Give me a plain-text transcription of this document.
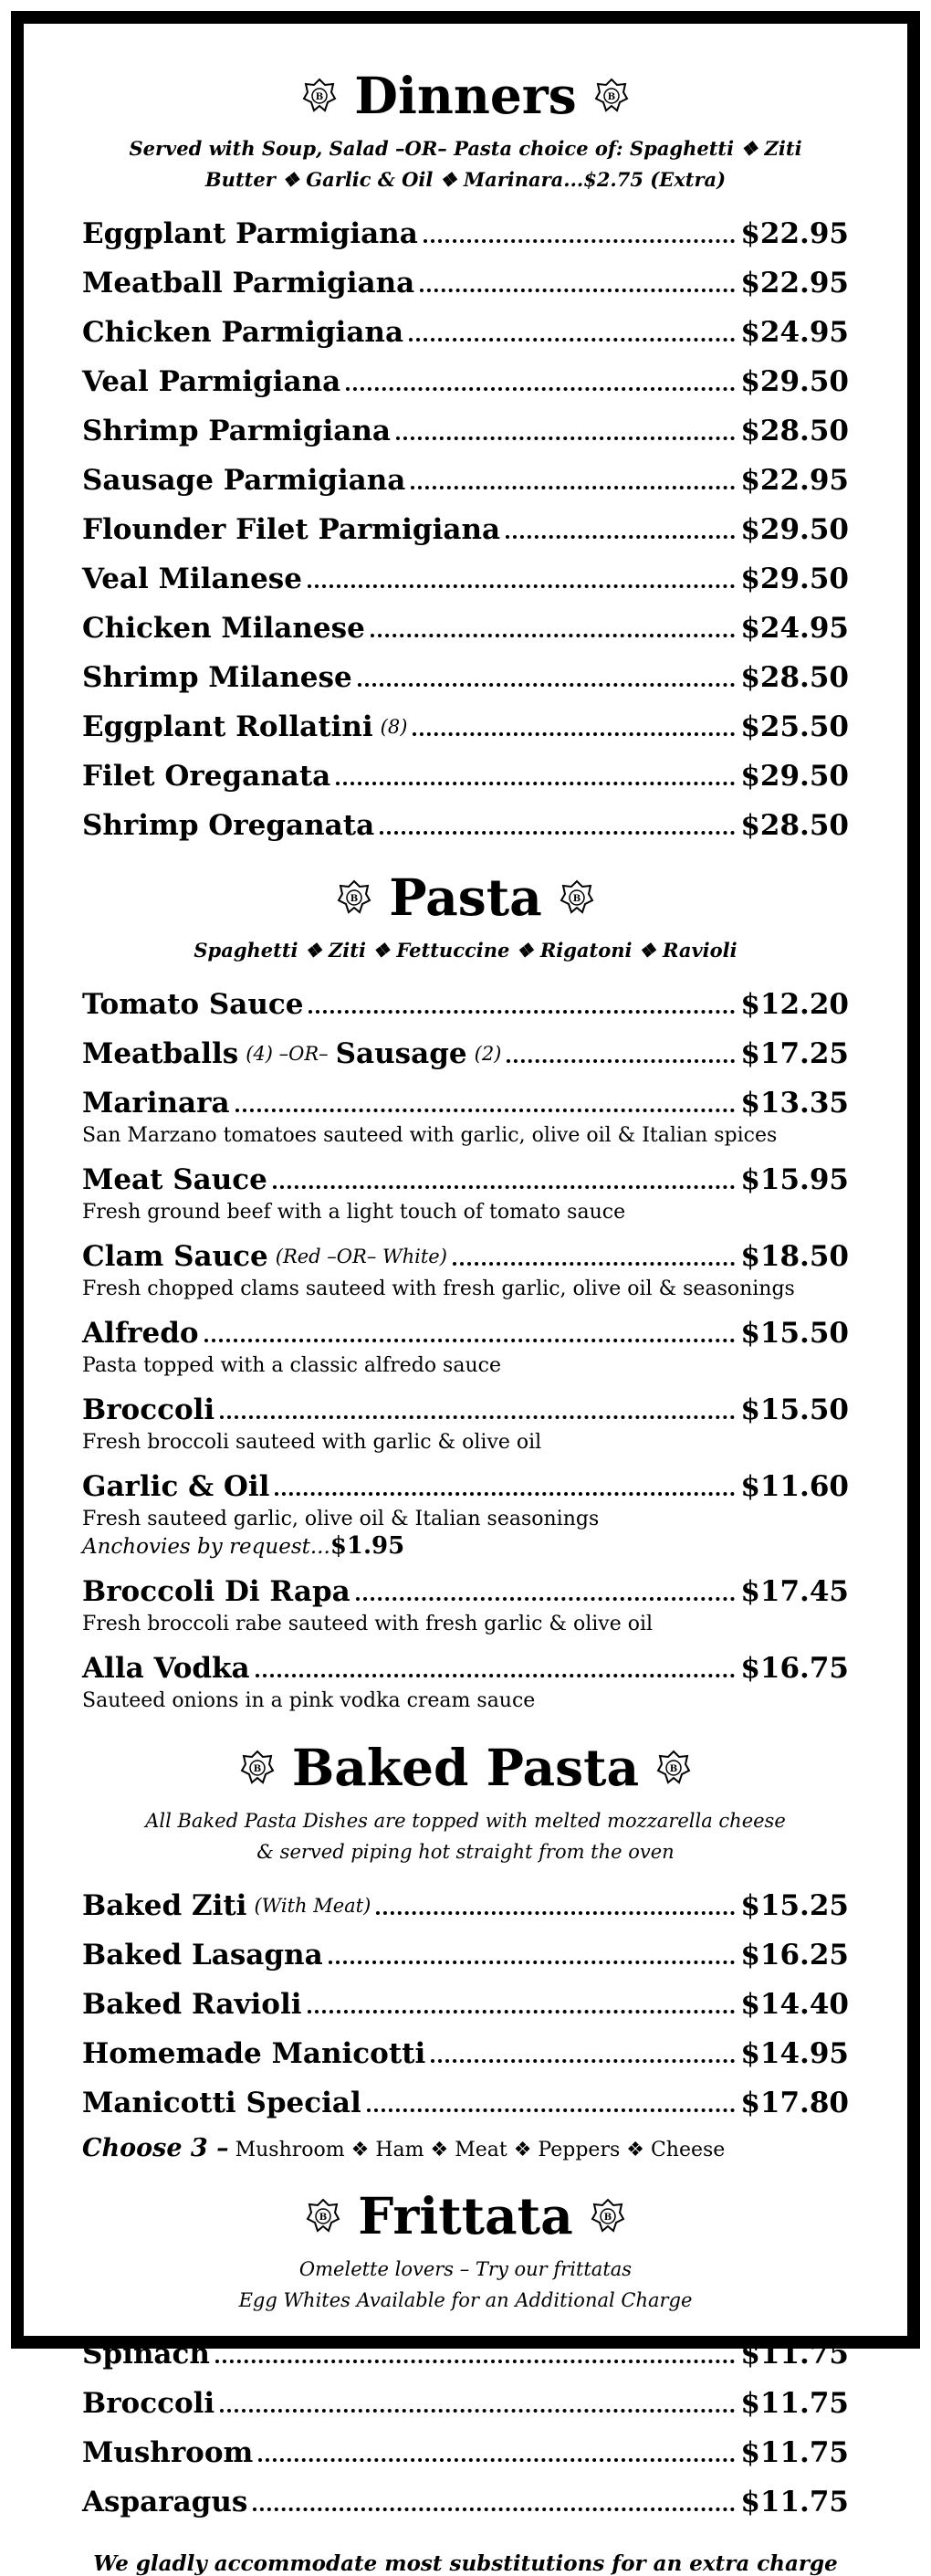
B Dinners	B
Served with Soup, Salad –OR– Pasta choice of: Spaghetti ❖ Ziti
Butter ❖ Garlic & Oil ❖ Marinara...$2.75 (Extra)
Eggplant Parmigiana	$22.95
Meatball Parmigiana	$22.95
Chicken Parmigiana	$24.95
Veal Parmigiana	$29.50
Shrimp Parmigiana	$28.50
Sausage Parmigiana	$22.95
Flounder Filet Parmigiana	$29.50
Veal Milanese	$29.50
Chicken Milanese	$24.95
Shrimp Milanese	$28.50
Eggplant Rollatini (8)	$25.50
Filet Oreganata	$29.50
Shrimp Oreganata	$28.50
B Pasta	B
Spaghetti ❖ Ziti ❖ Fettuccine ❖ Rigatoni ❖ Ravioli
Tomato Sauce	$12.20
Meatballs (4) –OR– Sausage (2)	$17.25
Marinara	$13.35
San Marzano tomatoes sauteed with garlic, olive oil & Italian spices
Meat Sauce	$15.95
Fresh ground beef with a light touch of tomato sauce
Clam Sauce (Red –OR– White)	$18.50
Fresh chopped clams sauteed with fresh garlic, olive oil & seasonings
Alfredo	$15.50
Pasta topped with a classic alfredo sauce
Broccoli	$15.50
Fresh broccoli sauteed with garlic & olive oil
Garlic & Oil	$11.60
Fresh sauteed garlic, olive oil & Italian seasonings
Anchovies by request...$1.95
Broccoli Di Rapa	$17.45
Fresh broccoli rabe sauteed with fresh garlic & olive oil
Alla Vodka	$16.75
Sauteed onions in a pink vodka cream sauce
B Baked Pasta	B
All Baked Pasta Dishes are topped with melted mozzarella cheese
& served piping hot straight from the oven
Baked Ziti (With Meat)	$15.25
Baked Lasagna	$16.25
Baked Ravioli	$14.40
Homemade Manicotti	$14.95
Manicotti Special	$17.80
Choose 3 – Mushroom ❖ Ham ❖ Meat ❖ Peppers ❖ Cheese
B Frittata	B
Omelette lovers – Try our frittatas
Egg Whites Available for an Additional Charge
Spinach	$11.75
Broccoli	$11.75
Mushroom	$11.75
Asparagus	$11.75
We gladly accommodate most substitutions for an extra charge
